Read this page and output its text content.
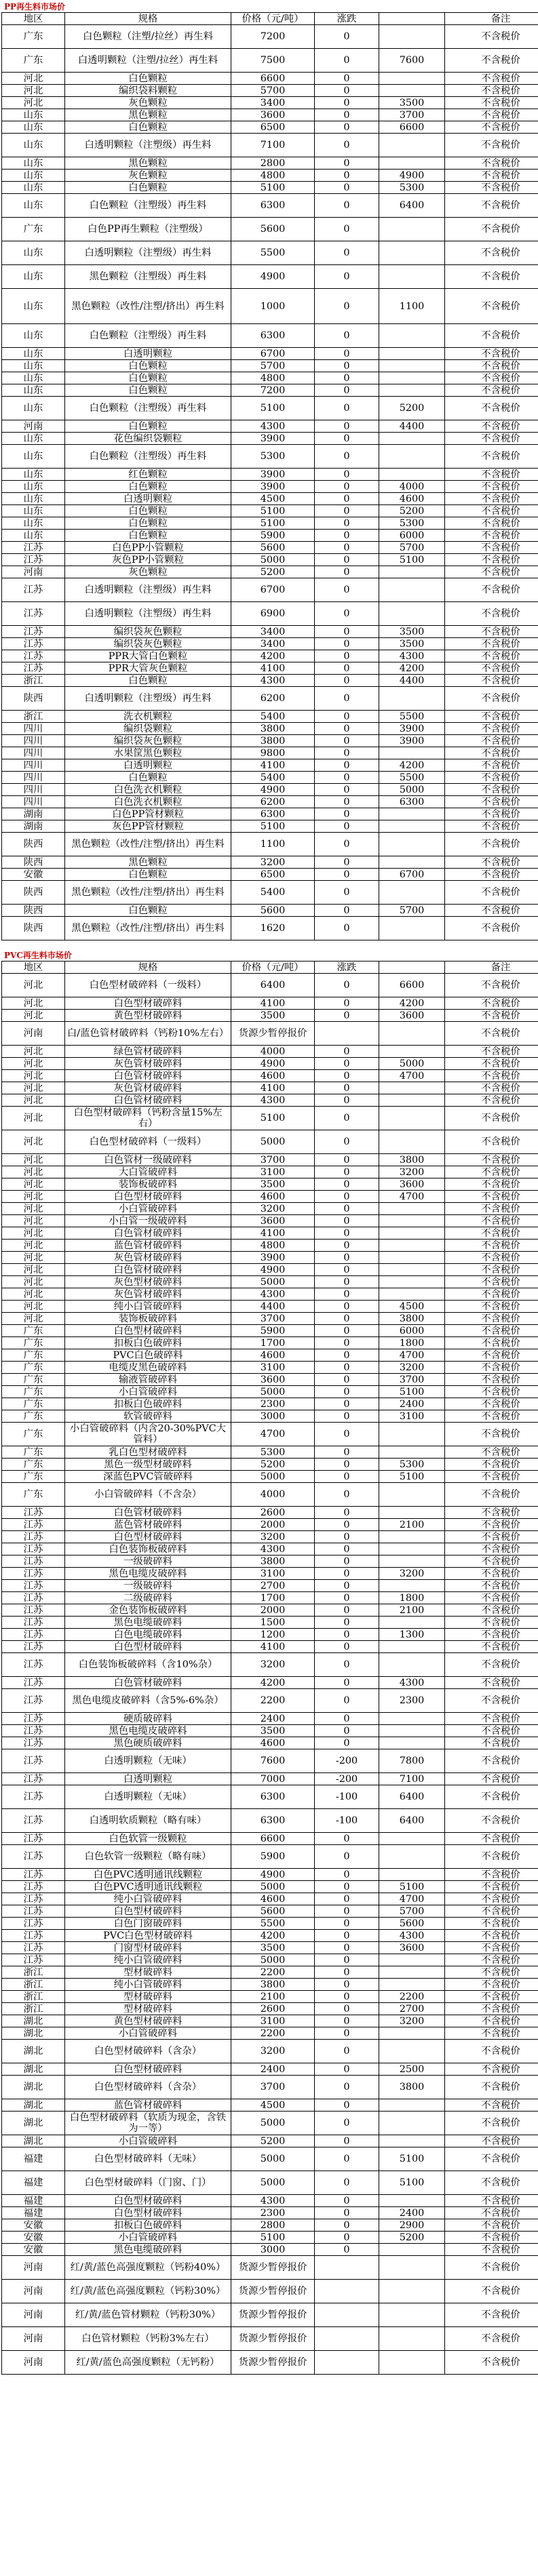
PP再生料市场价
地区	规格	价格（元/吨）	涨跌		备注
广东	白色颗粒（注塑/拉丝）再生料	7200	0		不含税价
广东	白透明颗粒（注塑/拉丝）再生料	7500	0	7600	不含税价
河北	白色颗粒	6600	0		不含税价
河北	编织袋料颗粒	5700	0		不含税价
河北	灰色颗粒	3400	0	3500	不含税价
山东	黑色颗粒	3600	0	3700	不含税价
山东	白色颗粒	6500	0	6600	不含税价
山东	白透明颗粒（注塑级）再生料	7100	0		不含税价
山东	黑色颗粒	2800	0		不含税价
山东	灰色颗粒	4800	0	4900	不含税价
山东	白色颗粒	5100	0	5300	不含税价
山东	白色颗粒（注塑级）再生料	6300	0	6400	不含税价
广东	白色PP再生颗粒（注塑级）	5600	0		不含税价
山东	白透明颗粒（注塑级）再生料	5500	0		不含税价
山东	黑色颗粒（注塑级）再生料	4900	0		不含税价
山东	黑色颗粒（改性/注塑/挤出）再生料	1000	0	1100	不含税价
山东	白色颗粒（注塑级）再生料	6300	0		不含税价
山东	白透明颗粒	6700	0		不含税价
山东	白色颗粒	5700	0		不含税价
山东	白色颗粒	4800	0		不含税价
山东	白色颗粒	7200	0		不含税价
山东	白色颗粒（注塑级）再生料	5100	0	5200	不含税价
河南	白色颗粒	4300	0	4400	不含税价
山东	花色编织袋颗粒	3900	0		不含税价
山东	白色颗粒（注塑级）再生料	5300	0		不含税价
山东	红色颗粒	3900	0		不含税价
山东	白色颗粒	3900	0	4000	不含税价
山东	白透明颗粒	4500	0	4600	不含税价
山东	白色颗粒	5100	0	5200	不含税价
山东	白色颗粒	5100	0	5300	不含税价
山东	白色颗粒	5900	0	6000	不含税价
江苏	白色PP小管颗粒	5600	0	5700	不含税价
江苏	灰色PP小管颗粒	5000	0	5100	不含税价
河南	灰色颗粒	5200	0		不含税价
江苏	白透明颗粒（注塑级）再生料	6700	0		不含税价
江苏	白透明颗粒（注塑级）再生料	6900	0		不含税价
江苏	编织袋灰色颗粒	3400	0	3500	不含税价
江苏	编织袋灰色颗粒	3400	0	3500	不含税价
江苏	PPR大管白色颗粒	4200	0	4300	不含税价
江苏	PPR大管灰色颗粒	4100	0	4200	不含税价
浙江	白色颗粒	4300	0	4400	不含税价
陕西	白透明颗粒（注塑级）再生料	6200	0		不含税价
浙江	洗衣机颗粒	5400	0	5500	不含税价
四川	编织袋颗粒	3800	0	3900	不含税价
四川	编织袋灰色颗粒	3800	0	3900	不含税价
四川	水果筐黑色颗粒	9800	0		不含税价
四川	白透明颗粒	4100	0	4200	不含税价
四川	白色颗粒	5400	0	5500	不含税价
四川	白色洗衣机颗粒	4900	0	5000	不含税价
四川	白色洗衣机颗粒	6200	0	6300	不含税价
湖南	白色PP管材颗粒	6300	0		不含税价
湖南	灰色PP管材颗粒	5100	0		不含税价
陕西	黑色颗粒（改性/注塑/挤出）再生料	1100	0		不含税价
陕西	黑色颗粒	3200	0		不含税价
安徽	白色颗粒	6500	0	6700	不含税价
陕西	黑色颗粒（改性/注塑/挤出）再生料	5400	0		不含税价
陕西	白色颗粒	5600	0	5700	不含税价
陕西	黑色颗粒（改性/注塑/挤出）再生料	1620	0		不含税价
PVC再生料市场价
地区	规格	价格（元/吨）	涨跌		备注
河北	白色型材破碎料（一级料）	6400	0	6600	不含税价
河北	白色型材破碎料	4100	0	4200	不含税价
河北	黄色型材破碎料	3500	0	3600	不含税价
河南	白/蓝色管材破碎料（钙粉10%左右）	货源少暂停报价			不含税价
河北	绿色管材破碎料	4000	0		不含税价
河北	灰色管材破碎料	4900	0	5000	不含税价
河北	白色管材破碎料	4600	0	4700	不含税价
河北	灰色管材破碎料	4100	0		不含税价
河北	白色管材破碎料	4300	0		不含税价
河北	白色型材破碎料（钙粉含量15%左右）	5100	0		不含税价
河北	白色型材破碎料（一级料）	5000	0		不含税价
河北	白色管材一级破碎料	3700	0	3800	不含税价
河北	大白管破碎料	3100	0	3200	不含税价
河北	装饰板破碎料	3500	0	3600	不含税价
河北	白色型材破碎料	4600	0	4700	不含税价
河北	小白管破碎料	3200	0		不含税价
河北	小白管一级破碎料	3600	0		不含税价
河北	白色管材破碎料	4100	0		不含税价
河北	蓝色管材破碎料	4800	0		不含税价
河北	灰色管材破碎料	3900	0		不含税价
河北	白色管材破碎料	4900	0		不含税价
河北	灰色型材破碎料	5000	0		不含税价
河北	灰色管材破碎料	4300	0		不含税价
河北	纯小白管破碎料	4400	0	4500	不含税价
河北	装饰板破碎料	3700	0	3800	不含税价
广东	白色型材破碎料	5900	0	6000	不含税价
广东	扣板白色破碎料	1700	0	1800	不含税价
广东	PVC白色破碎料	4600	0	4700	不含税价
广东	电缆皮黑色破碎料	3100	0	3200	不含税价
广东	输液管破碎料	3600	0	3700	不含税价
广东	小白管破碎料	5000	0	5100	不含税价
广东	扣板白色破碎料	2300	0	2400	不含税价
广东	软管破碎料	3000	0	3100	不含税价
广东	小白管破碎料（内含20-30%PVC大管料）	4700	0		不含税价
广东	乳白色型材破碎料	5300	0		不含税价
广东	黑色一级型材破碎料	5200	0	5300	不含税价
广东	深蓝色PVC管破碎料	5000	0	5100	不含税价
广东	小白管破碎料（不含杂）	4000	0		不含税价
江苏	白色管材破碎料	2600	0		不含税价
江苏	蓝色管材破碎料	2000	0	2100	不含税价
江苏	白色型材破碎料	3200	0		不含税价
江苏	白色装饰板破碎料	4300	0		不含税价
江苏	一级破碎料	3800	0		不含税价
江苏	黑色电缆皮破碎料	3100	0	3200	不含税价
江苏	一级破碎料	2700	0		不含税价
江苏	二级破碎料	1700	0	1800	不含税价
江苏	金色装饰板破碎料	2000	0	2100	不含税价
江苏	黑色电缆破碎料	1500	0		不含税价
江苏	白色电缆破碎料	1200	0	1300	不含税价
江苏	白色型材破碎料	4100	0		不含税价
江苏	白色装饰板破碎料（含10%杂）	3200	0		不含税价
江苏	白色管材破碎料	4200	0	4300	不含税价
江苏	黑色电缆皮破碎料（含5%-6%杂）	2200	0	2300	不含税价
江苏	硬质破碎料	2400	0		不含税价
江苏	黑色电缆皮破碎料	3500	0		不含税价
江苏	黑色硬质破碎料	4600	0		不含税价
江苏	白透明颗粒（无味）	7600	-200	7800	不含税价
江苏	白透明颗粒	7000	-200	7100	不含税价
江苏	白透明颗粒（无味）	6300	-100	6400	不含税价
江苏	白透明软质颗粒（略有味）	6300	-100	6400	不含税价
江苏	白色软管一级颗粒	6600	0		不含税价
江苏	白色软管一级颗粒（略有味）	5900	0		不含税价
江苏	白色PVC透明通讯线颗粒	4900	0		不含税价
江苏	白色PVC透明通讯线颗粒	5000	0	5100	不含税价
江苏	纯小白管破碎料	4600	0	4700	不含税价
江苏	白色型材破碎料	5600	0	5700	不含税价
江苏	白色门窗破碎料	5500	0	5600	不含税价
江苏	PVC白色型材破碎料	4200	0	4300	不含税价
江苏	门窗型材破碎料	3500	0	3600	不含税价
江苏	纯小白管破碎料	5000	0		不含税价
浙江	型材破碎料	2200	0		不含税价
浙江	纯小白管破碎料	3800	0		不含税价
浙江	型材破碎料	2100	0	2200	不含税价
浙江	型材破碎料	2600	0	2700	不含税价
湖北	黄色型材破碎料	3100	0	3200	不含税价
湖北	小白管破碎料	2200	0		不含税价
湖北	白色型材破碎料（含杂）	3200	0		不含税价
湖北	白色型材破碎料	2400	0	2500	不含税价
湖北	白色型材破碎料（含杂）	3700	0	3800	不含税价
湖北	蓝色管材破碎料	4500	0		不含税价
湖北	白色型材破碎料（软质为现金，含铁为一等）	5000	0		不含税价
湖北	小白管破碎料	5200	0		不含税价
福建	白色型材破碎料（无味）	5000	0	5100	不含税价
福建	白色型材破碎料（门窗、门）	5000	0	5100	不含税价
福建	白色型材破碎料	4300	0		不含税价
福建	白色型材破碎料	2300	0	2400	不含税价
安徽	扣板白色破碎料	2800	0	2900	不含税价
安徽	小白管破碎料	5100	0	5200	不含税价
安徽	黑色电缆破碎料	3000	0		不含税价
河南	红/黄/蓝色高强度颗粒（钙粉40%）	货源少暂停报价			不含税价
河南	红/黄/蓝色高强度颗粒（钙粉30%）	货源少暂停报价			不含税价
河南	红/黄/蓝色管材颗粒（钙粉30%）	货源少暂停报价			不含税价
河南	白色管材颗粒（钙粉3%左右）	货源少暂停报价			不含税价
河南	红/黄/蓝色高强度颗粒（无钙粉）	货源少暂停报价			不含税价
